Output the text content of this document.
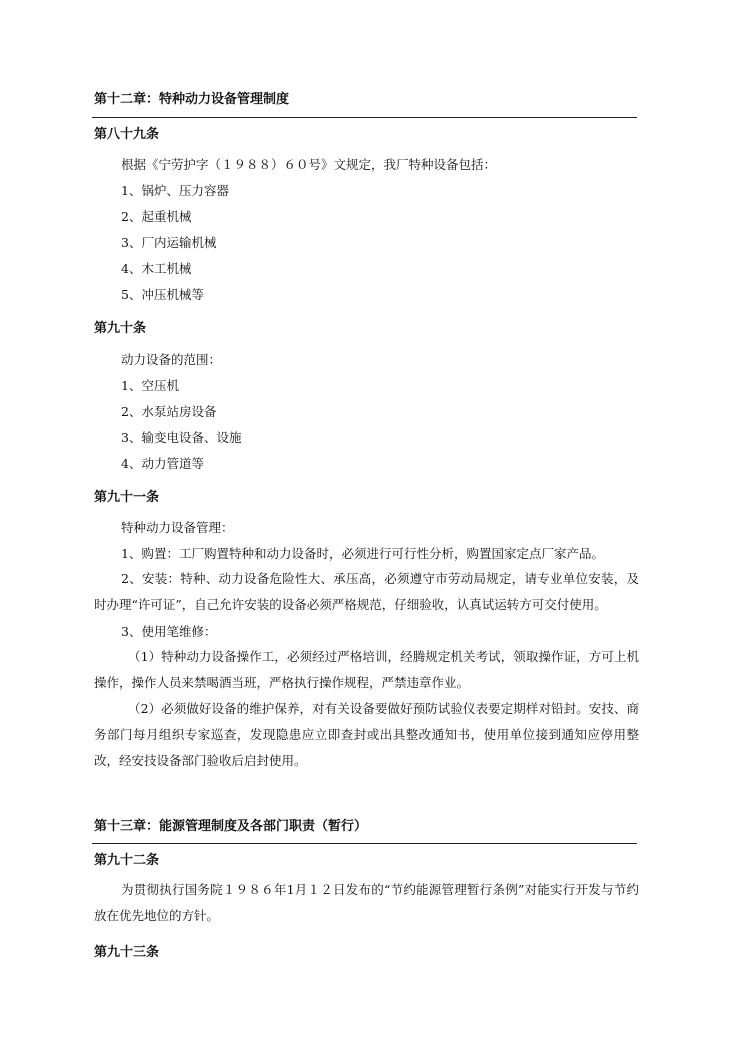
第十二章：特种动力设备管理制度
第八十九条
根据《宁劳护字（１９８８）６０号》文规定，我厂特种设备包括：
1、锅炉、压力容器
2、起重机械
3、厂内运输机械
4、木工机械
5、冲压机械等
第九十条
动力设备的范围：
1、空压机
2、水泵站房设备
3、输变电设备、设施
4、动力管道等
第九十一条
特种动力设备管理：
1、购置：工厂购置特种和动力设备时，必须进行可行性分析，购置国家定点厂家产品。
2、安装：特种、动力设备危险性大、承压高，必须遵守市劳动局规定，请专业单位安装，及时办理“许可证”，自己允许安装的设备必须严格规范，仔细验收，认真试运转方可交付使用。
3、使用笔维修：
（1）特种动力设备操作工，必须经过严格培训，经腾规定机关考试，领取操作证，方可上机操作，操作人员来禁喝酒当班，严格执行操作规程，严禁违章作业。
（2）必须做好设备的维护保养，对有关设备要做好预防试验仪表要定期样对铅封。安技、商务部门每月组织专家巡查，发现隐患应立即查封或出具整改通知书，使用单位接到通知应停用整改，经安技设备部门验收后启封使用。
第十三章：能源管理制度及各部门职责（暂行）
第九十二条
为贯彻执行国务院１９８６年1月１２日发布的“节约能源管理暂行条例”对能实行开发与节约放在优先地位的方针。
第九十三条
